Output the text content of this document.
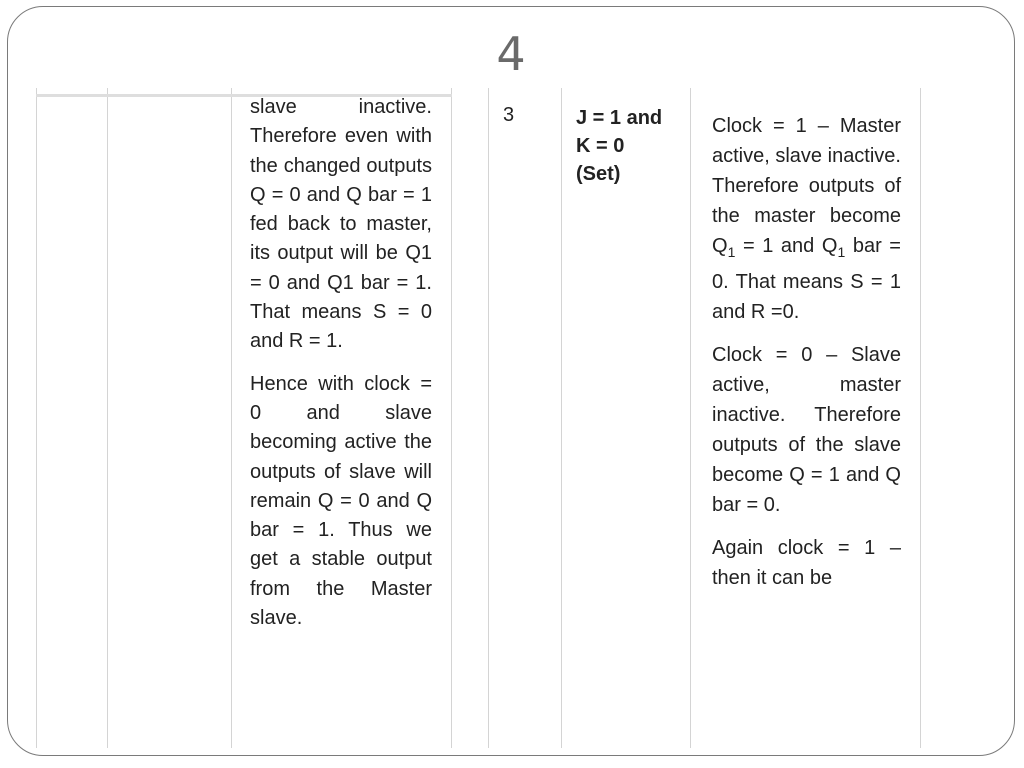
4

slave inactive. Therefore even with the changed outputs Q = 0 and Q bar = 1 fed back to master, its output will be Q1 = 0 and Q1 bar = 1. That means S = 0 and R = 1.

Hence with clock = 0 and slave becoming active the outputs of slave will remain Q = 0 and Q bar = 1. Thus we get a stable output from the Master slave.

3	J = 1 and
K = 0
(Set)

Clock = 1 – Master active, slave inactive. Therefore outputs of the master become $Q_1 = 1$ and $Q_1$ bar = 0. That means S = 1 and R =0.

Clock = 0 – Slave active, master inactive. Therefore outputs of the slave become Q = 1 and Q bar = 0.

Again clock = 1 – then it can be
